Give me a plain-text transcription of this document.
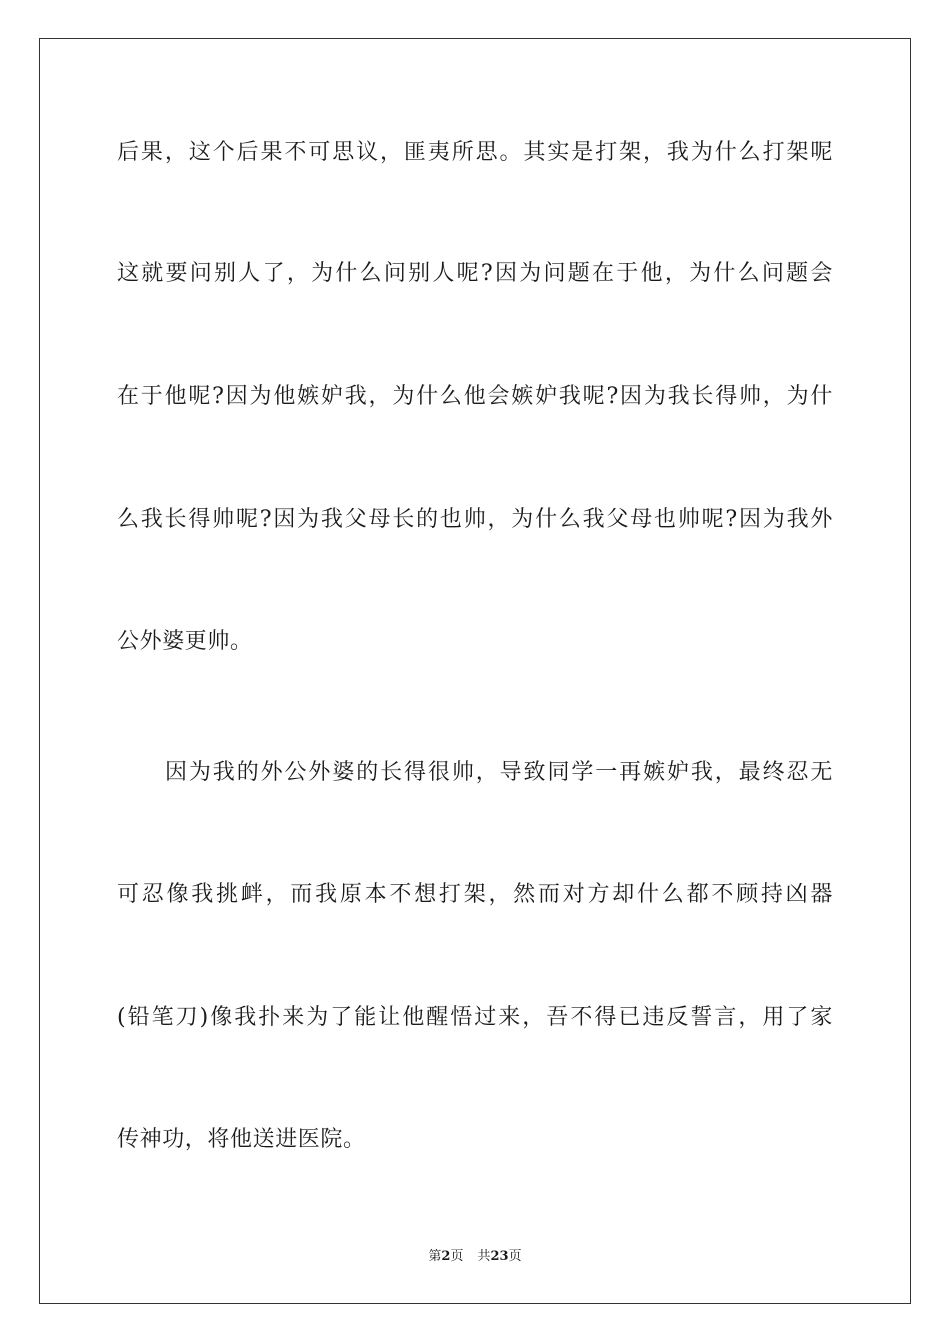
后果，这个后果不可思议，匪夷所思。其实是打架，我为什么打架呢
这就要问别人了，为什么问别人呢?因为问题在于他，为什么问题会
在于他呢?因为他嫉妒我，为什么他会嫉妒我呢?因为我长得帅，为什
么我长得帅呢?因为我父母长的也帅，为什么我父母也帅呢?因为我外
公外婆更帅。
因为我的外公外婆的长得很帅，导致同学一再嫉妒我，最终忍无
可忍像我挑衅，而我原本不想打架，然而对方却什么都不顾持凶器
(铅笔刀)像我扑来为了能让他醒悟过来，吾不得已违反誓言，用了家
传神功，将他送进医院。
第2页 共23页
